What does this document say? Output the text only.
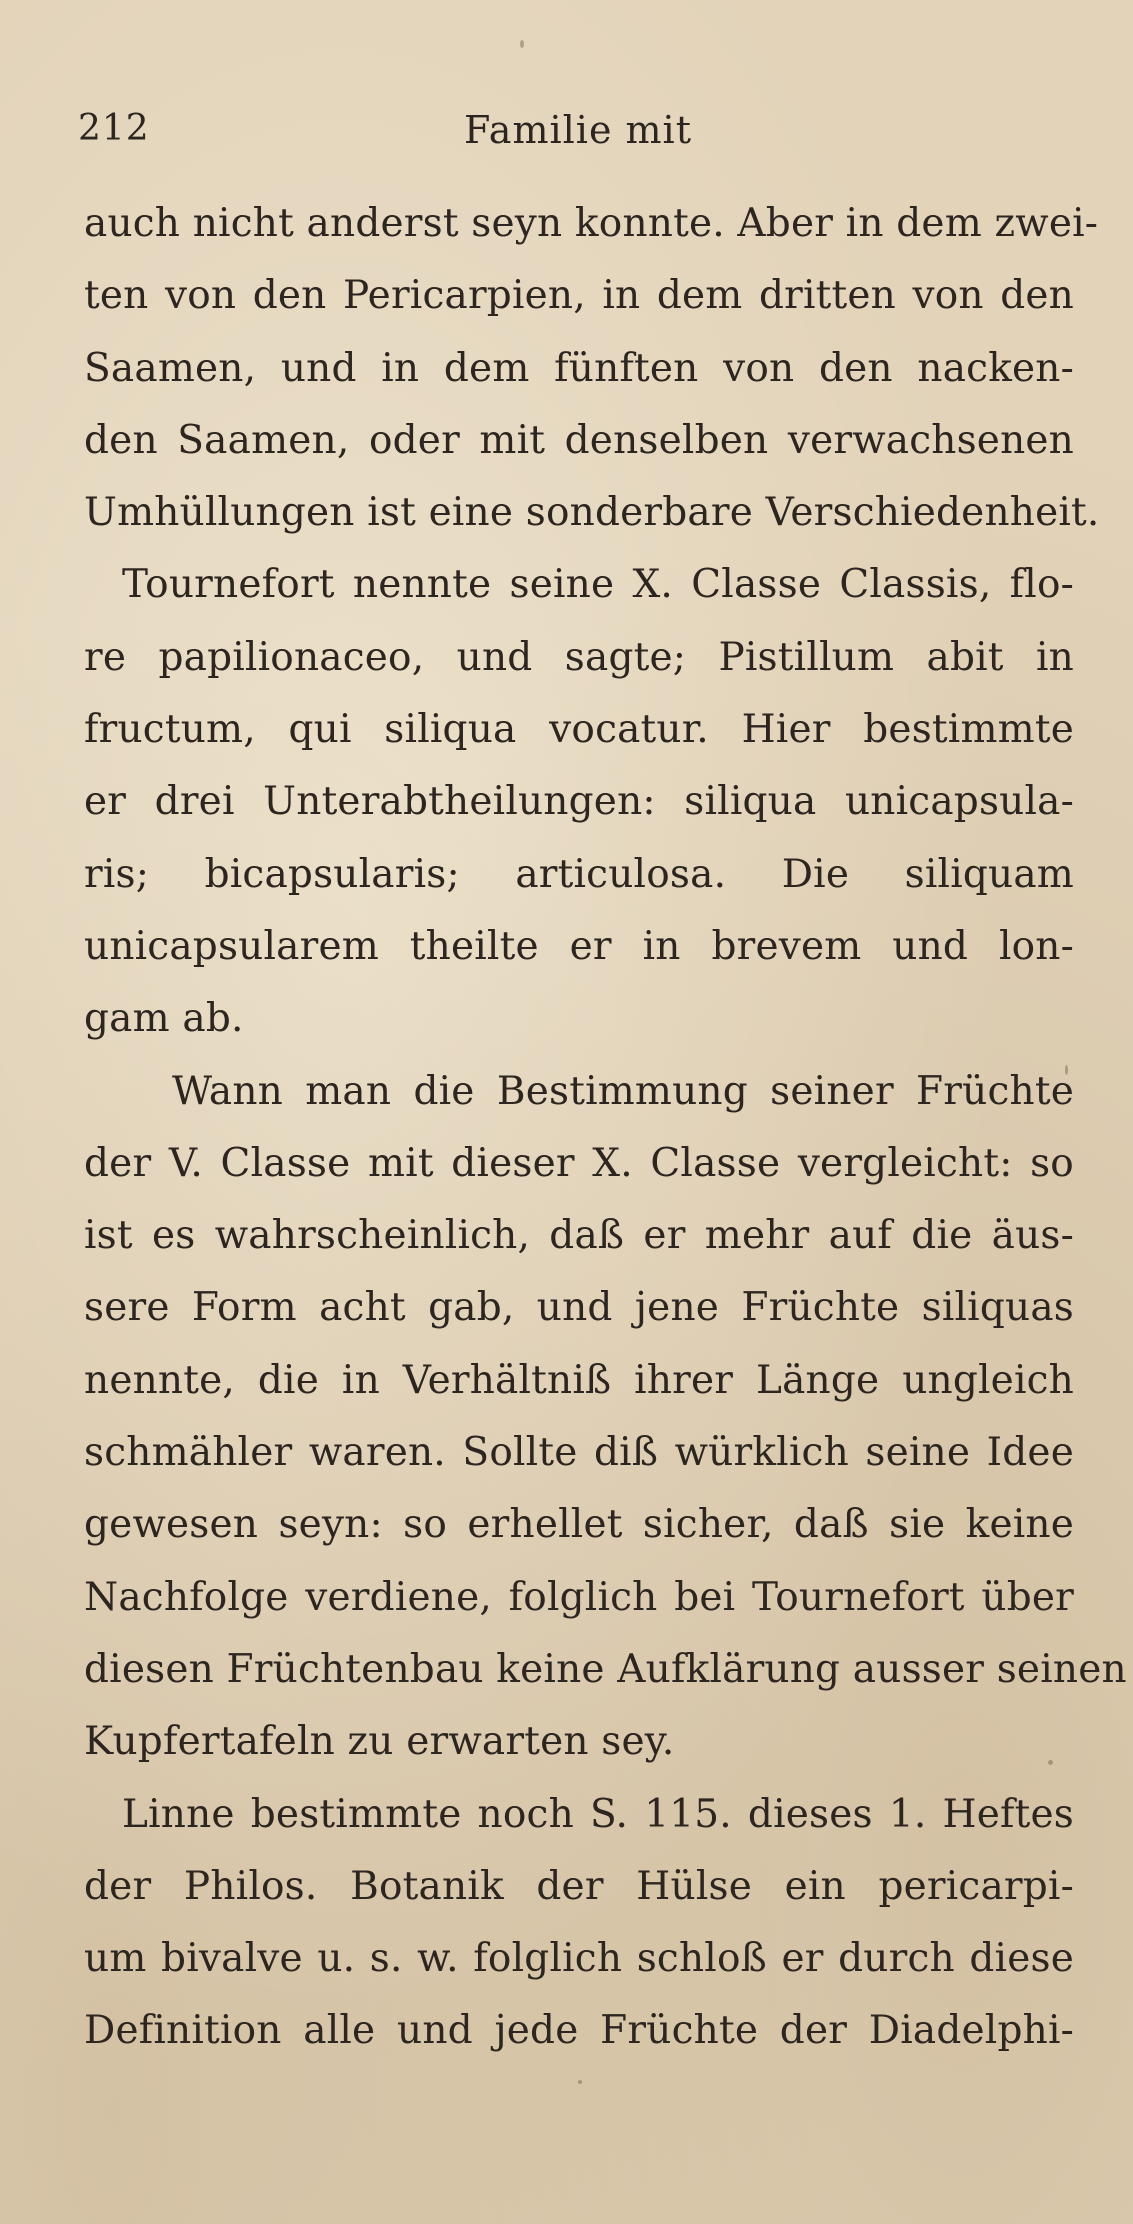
212	Familie mit
auch nicht anderst seyn konnte. Aber in dem zwei-
ten von den Pericarpien, in dem dritten von den
Saamen, und in dem fünften von den nacken-
den Saamen, oder mit denselben verwachsenen
Umhüllungen ist eine sonderbare Verschiedenheit.
Tournefort nennte seine X. Classe Classis, flo-
re papilionaceo, und sagte; Pistillum abit in
fructum, qui siliqua vocatur. Hier bestimmte
er drei Unterabtheilungen: siliqua unicapsula-
ris; bicapsularis; articulosa. Die siliquam
unicapsularem theilte er in brevem und lon-
gam ab.
Wann man die Bestimmung seiner Früchte
der V. Classe mit dieser X. Classe vergleicht: so
ist es wahrscheinlich, daß er mehr auf die äus-
sere Form acht gab, und jene Früchte siliquas
nennte, die in Verhältniß ihrer Länge ungleich
schmähler waren. Sollte diß würklich seine Idee
gewesen seyn: so erhellet sicher, daß sie keine
Nachfolge verdiene, folglich bei Tournefort über
diesen Früchtenbau keine Aufklärung ausser seinen
Kupfertafeln zu erwarten sey.
Linne bestimmte noch S. 115. dieses 1. Heftes
der Philos. Botanik der Hülse ein pericarpi-
um bivalve u. s. w. folglich schloß er durch diese
Definition alle und jede Früchte der Diadelphi-
